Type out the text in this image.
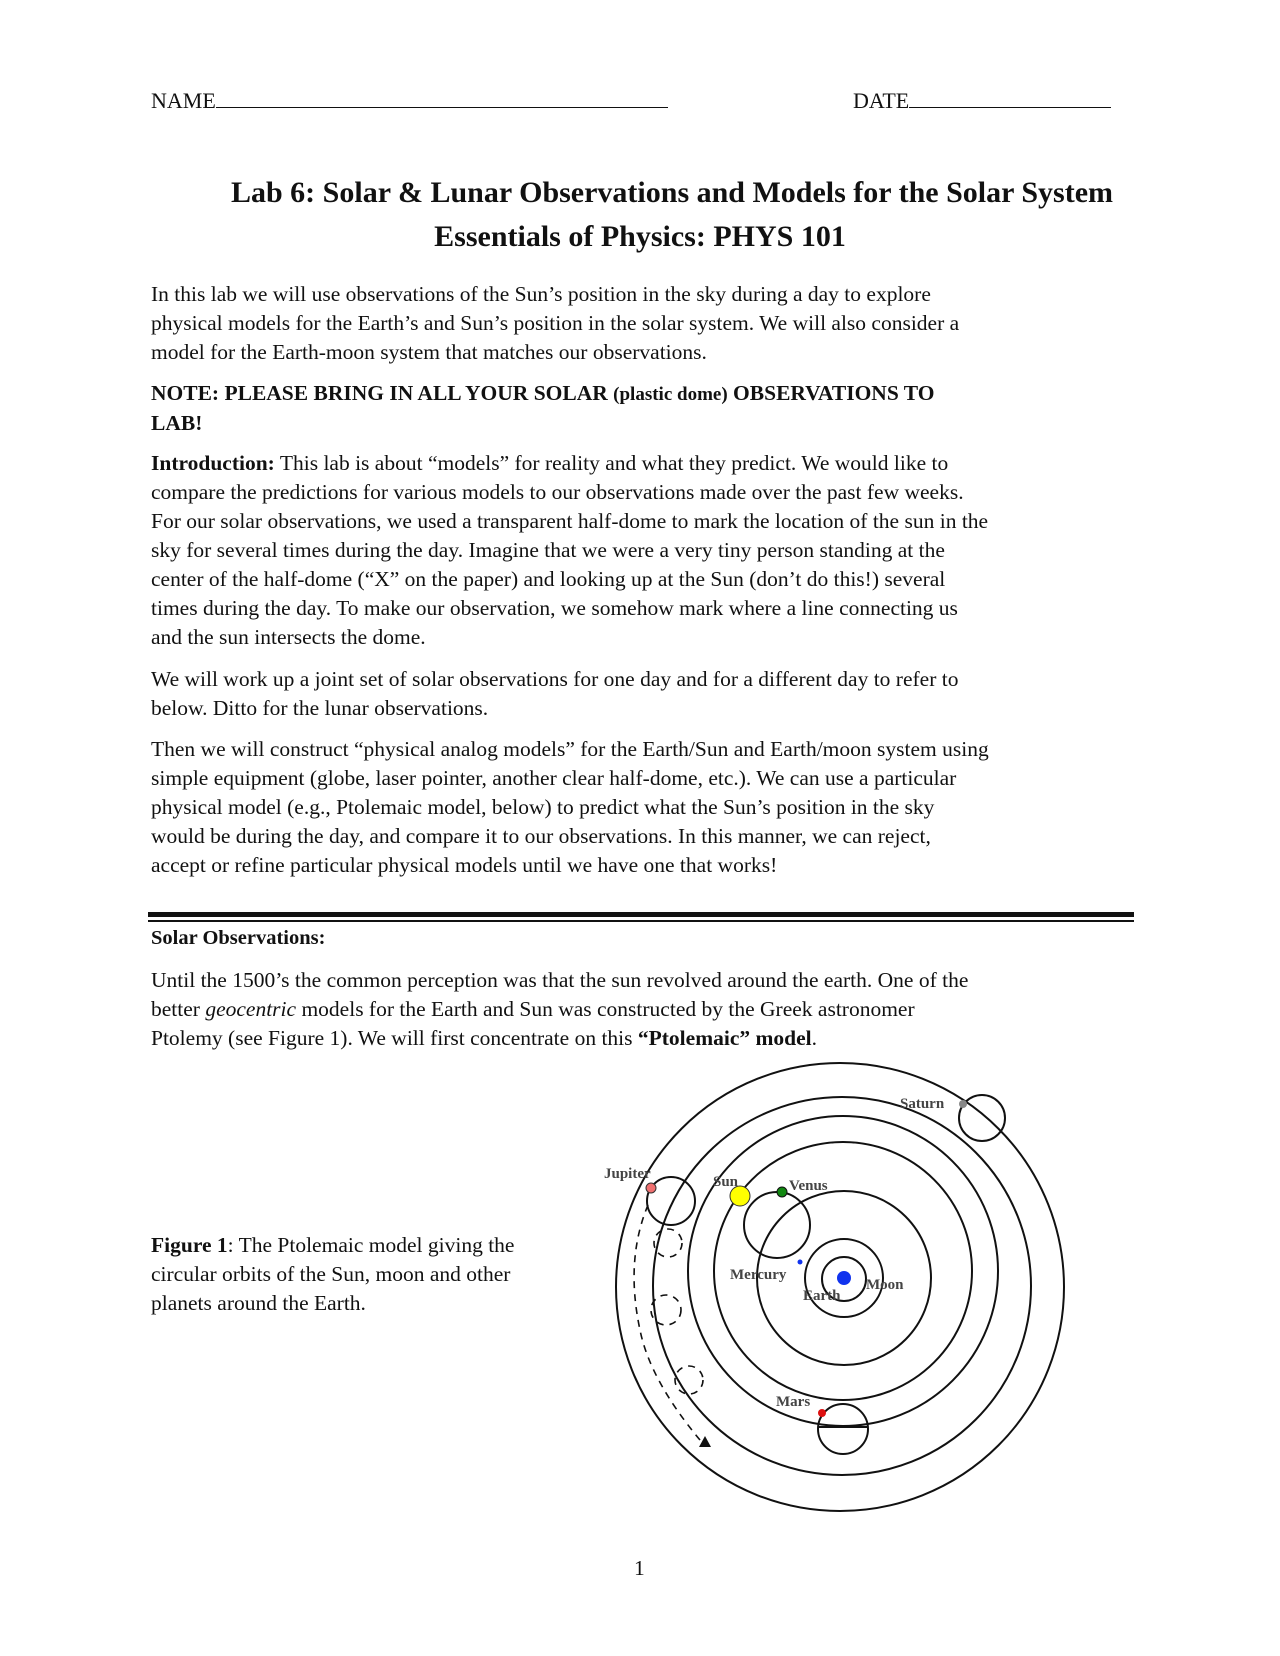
NAME	DATE
Lab 6: Solar & Lunar Observations and Models for the Solar System
Essentials of Physics: PHYS 101
In this lab we will use observations of the Sun’s position in the sky during a day to explore
physical models for the Earth’s and Sun’s position in the solar system. We will also consider a
model for the Earth-moon system that matches our observations.
NOTE: PLEASE BRING IN ALL YOUR SOLAR (plastic dome) OBSERVATIONS TO
LAB!
Introduction: This lab is about “models” for reality and what they predict. We would like to
compare the predictions for various models to our observations made over the past few weeks.
For our solar observations, we used a transparent half-dome to mark the location of the sun in the
sky for several times during the day. Imagine that we were a very tiny person standing at the
center of the half-dome (“X” on the paper) and looking up at the Sun (don’t do this!) several
times during the day. To make our observation, we somehow mark where a line connecting us
and the sun intersects the dome.
We will work up a joint set of solar observations for one day and for a different day to refer to
below. Ditto for the lunar observations.
Then we will construct “physical analog models” for the Earth/Sun and Earth/moon system using
simple equipment (globe, laser pointer, another clear half-dome, etc.). We can use a particular
physical model (e.g., Ptolemaic model, below) to predict what the Sun’s position in the sky
would be during the day, and compare it to our observations. In this manner, we can reject,
accept or refine particular physical models until we have one that works!
Solar Observations:
Until the 1500’s the common perception was that the sun revolved around the earth. One of the
better geocentric models for the Earth and Sun was constructed by the Greek astronomer
Ptolemy (see Figure 1). We will first concentrate on this “Ptolemaic” model.
Figure 1: The Ptolemaic model giving the
circular orbits of the Sun, moon and other
planets around the Earth.
Saturn
Jupiter	Sun	Venus
Mercury
Earth
Moon
Mars
1
